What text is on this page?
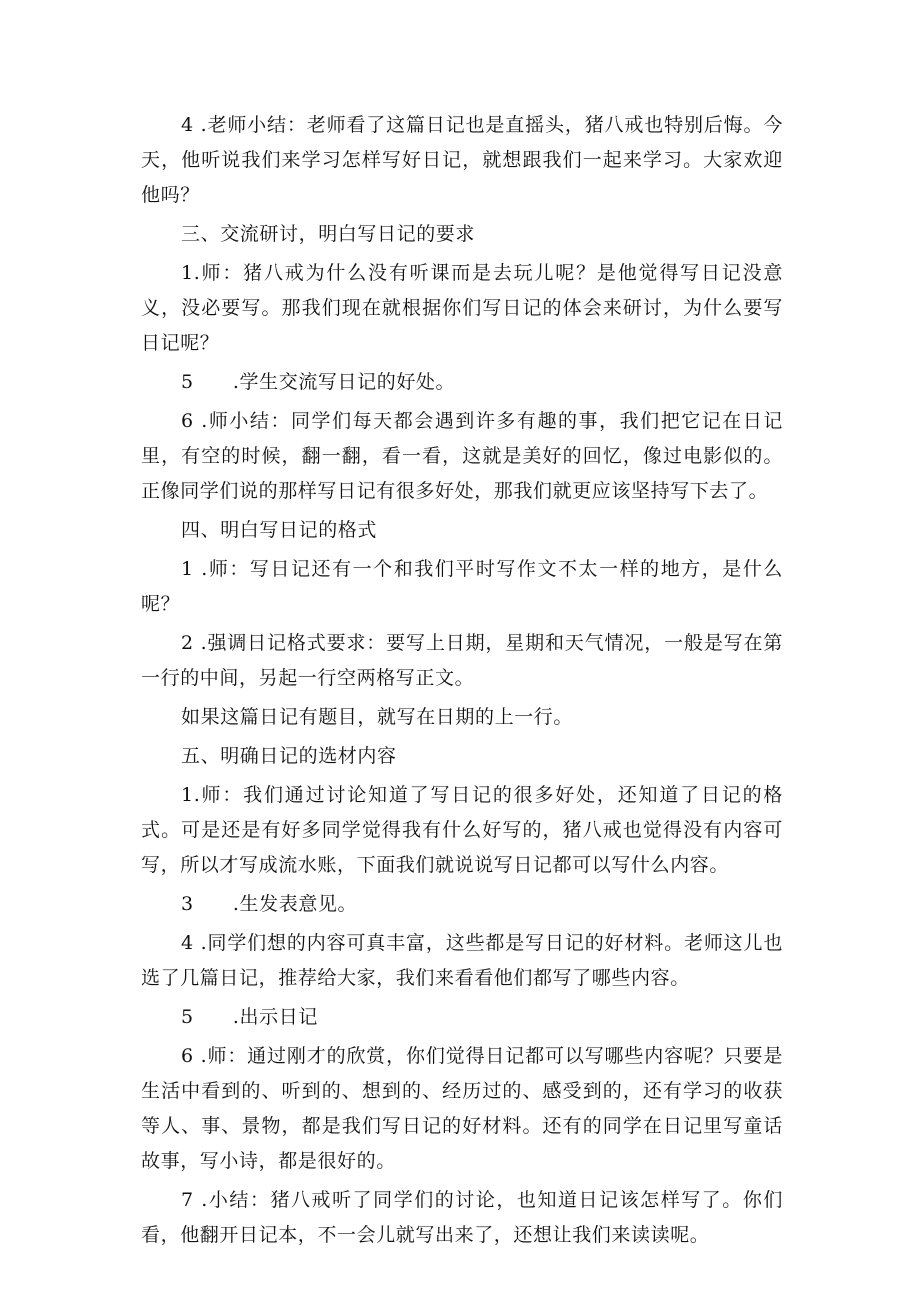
4 .老师小结：老师看了这篇日记也是直摇头，猪八戒也特别后悔。今天，他听说我们来学习怎样写好日记，就想跟我们一起来学习。大家欢迎他吗？

三、交流研讨，明白写日记的要求

1.师：猪八戒为什么没有听课而是去玩儿呢？是他觉得写日记没意义，没必要写。那我们现在就根据你们写日记的体会来研讨，为什么要写日记呢？

5　　.学生交流写日记的好处。

6 .师小结：同学们每天都会遇到许多有趣的事，我们把它记在日记里，有空的时候，翻一翻，看一看，这就是美好的回忆，像过电影似的。正像同学们说的那样写日记有很多好处，那我们就更应该坚持写下去了。

四、明白写日记的格式

1 .师：写日记还有一个和我们平时写作文不太一样的地方，是什么呢？

2 .强调日记格式要求：要写上日期，星期和天气情况，一般是写在第一行的中间，另起一行空两格写正文。

如果这篇日记有题目，就写在日期的上一行。

五、明确日记的选材内容

1.师：我们通过讨论知道了写日记的很多好处，还知道了日记的格式。可是还是有好多同学觉得我有什么好写的，猪八戒也觉得没有内容可写，所以才写成流水账，下面我们就说说写日记都可以写什么内容。

3　　.生发表意见。

4 .同学们想的内容可真丰富，这些都是写日记的好材料。老师这儿也选了几篇日记，推荐给大家，我们来看看他们都写了哪些内容。

5　　.出示日记

6 .师：通过刚才的欣赏，你们觉得日记都可以写哪些内容呢？只要是生活中看到的、听到的、想到的、经历过的、感受到的，还有学习的收获等人、事、景物，都是我们写日记的好材料。还有的同学在日记里写童话故事，写小诗，都是很好的。

7 .小结：猪八戒听了同学们的讨论，也知道日记该怎样写了。你们看，他翻开日记本，不一会儿就写出来了，还想让我们来读读呢。
